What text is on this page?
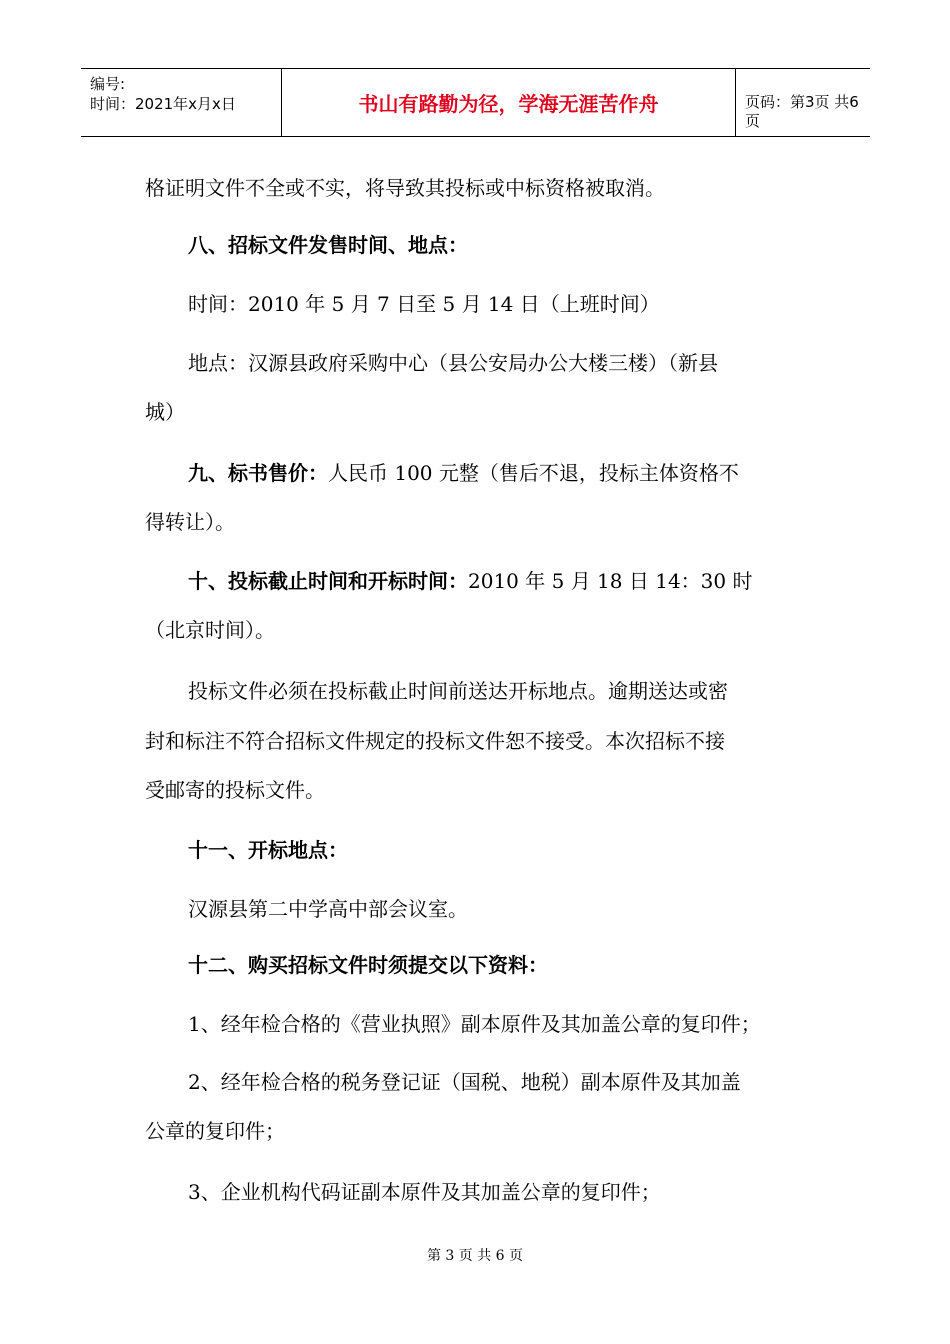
编号:
时间：2021年x月x日	书山有路勤为径，学海无涯苦作舟	页码：第3页 共6页
格证明文件不全或不实，将导致其投标或中标资格被取消。
八、招标文件发售时间、地点：
时间：2010 年 5 月 7 日至 5 月 14 日（上班时间）
地点：汉源县政府采购中心（县公安局办公大楼三楼）（新县
城）
九、标书售价：人民币 100 元整（售后不退，投标主体资格不
得转让）。
十、投标截止时间和开标时间：2010 年 5 月 18 日 14：30 时
（北京时间）。
投标文件必须在投标截止时间前送达开标地点。逾期送达或密
封和标注不符合招标文件规定的投标文件恕不接受。本次招标不接
受邮寄的投标文件。
十一、开标地点：
汉源县第二中学高中部会议室。
十二、购买招标文件时须提交以下资料：
1、经年检合格的《营业执照》副本原件及其加盖公章的复印件；
2、经年检合格的税务登记证（国税、地税）副本原件及其加盖
公章的复印件；
3、企业机构代码证副本原件及其加盖公章的复印件；
第 3 页 共 6 页
